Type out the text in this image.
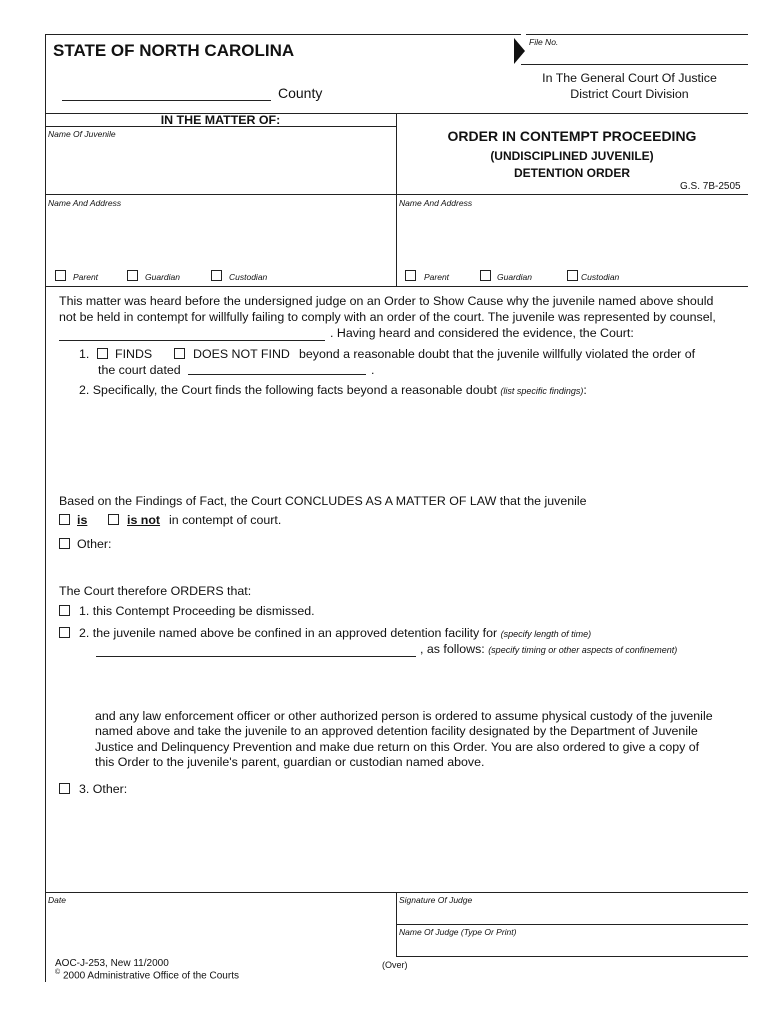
STATE OF NORTH CAROLINA
County
File No.
In The General Court Of Justice
District Court Division
IN THE MATTER OF:
Name Of Juvenile
Name And Address	Name And Address
ORDER IN CONTEMPT PROCEEDING
(UNDISCIPLINED JUVENILE)
DETENTION ORDER
G.S. 7B-2505
Parent	Guardian	Custodian	Parent	Guardian	Custodian
This matter was heard before the undersigned judge on an Order to Show Cause why the juvenile named above should
not be held in contempt for willfully failing to comply with an order of the court. The juvenile was represented by counsel,
. Having heard and considered the evidence, the Court:
1. FINDS	DOES NOT FIND beyond a reasonable doubt that the juvenile willfully violated the order of
the court dated	.
2. Specifically, the Court finds the following facts beyond a reasonable doubt (list specific findings):
Based on the Findings of Fact, the Court CONCLUDES AS A MATTER OF LAW that the juvenile
is	is not in contempt of court.
Other:
The Court therefore ORDERS that:
1. this Contempt Proceeding be dismissed.
2. the juvenile named above be confined in an approved detention facility for (specify length of time)
, as follows: (specify timing or other aspects of confinement)
and any law enforcement officer or other authorized person is ordered to assume physical custody of the juvenile
named above and take the juvenile to an approved detention facility designated by the Department of Juvenile
Justice and Delinquency Prevention and make due return on this Order. You are also ordered to give a copy of
this Order to the juvenile's parent, guardian or custodian named above.
3. Other:
Date	Signature Of Judge
Name Of Judge (Type Or Print)
AOC-J-253, New 11/2000
© 2000 Administrative Office of the Courts
(Over)
